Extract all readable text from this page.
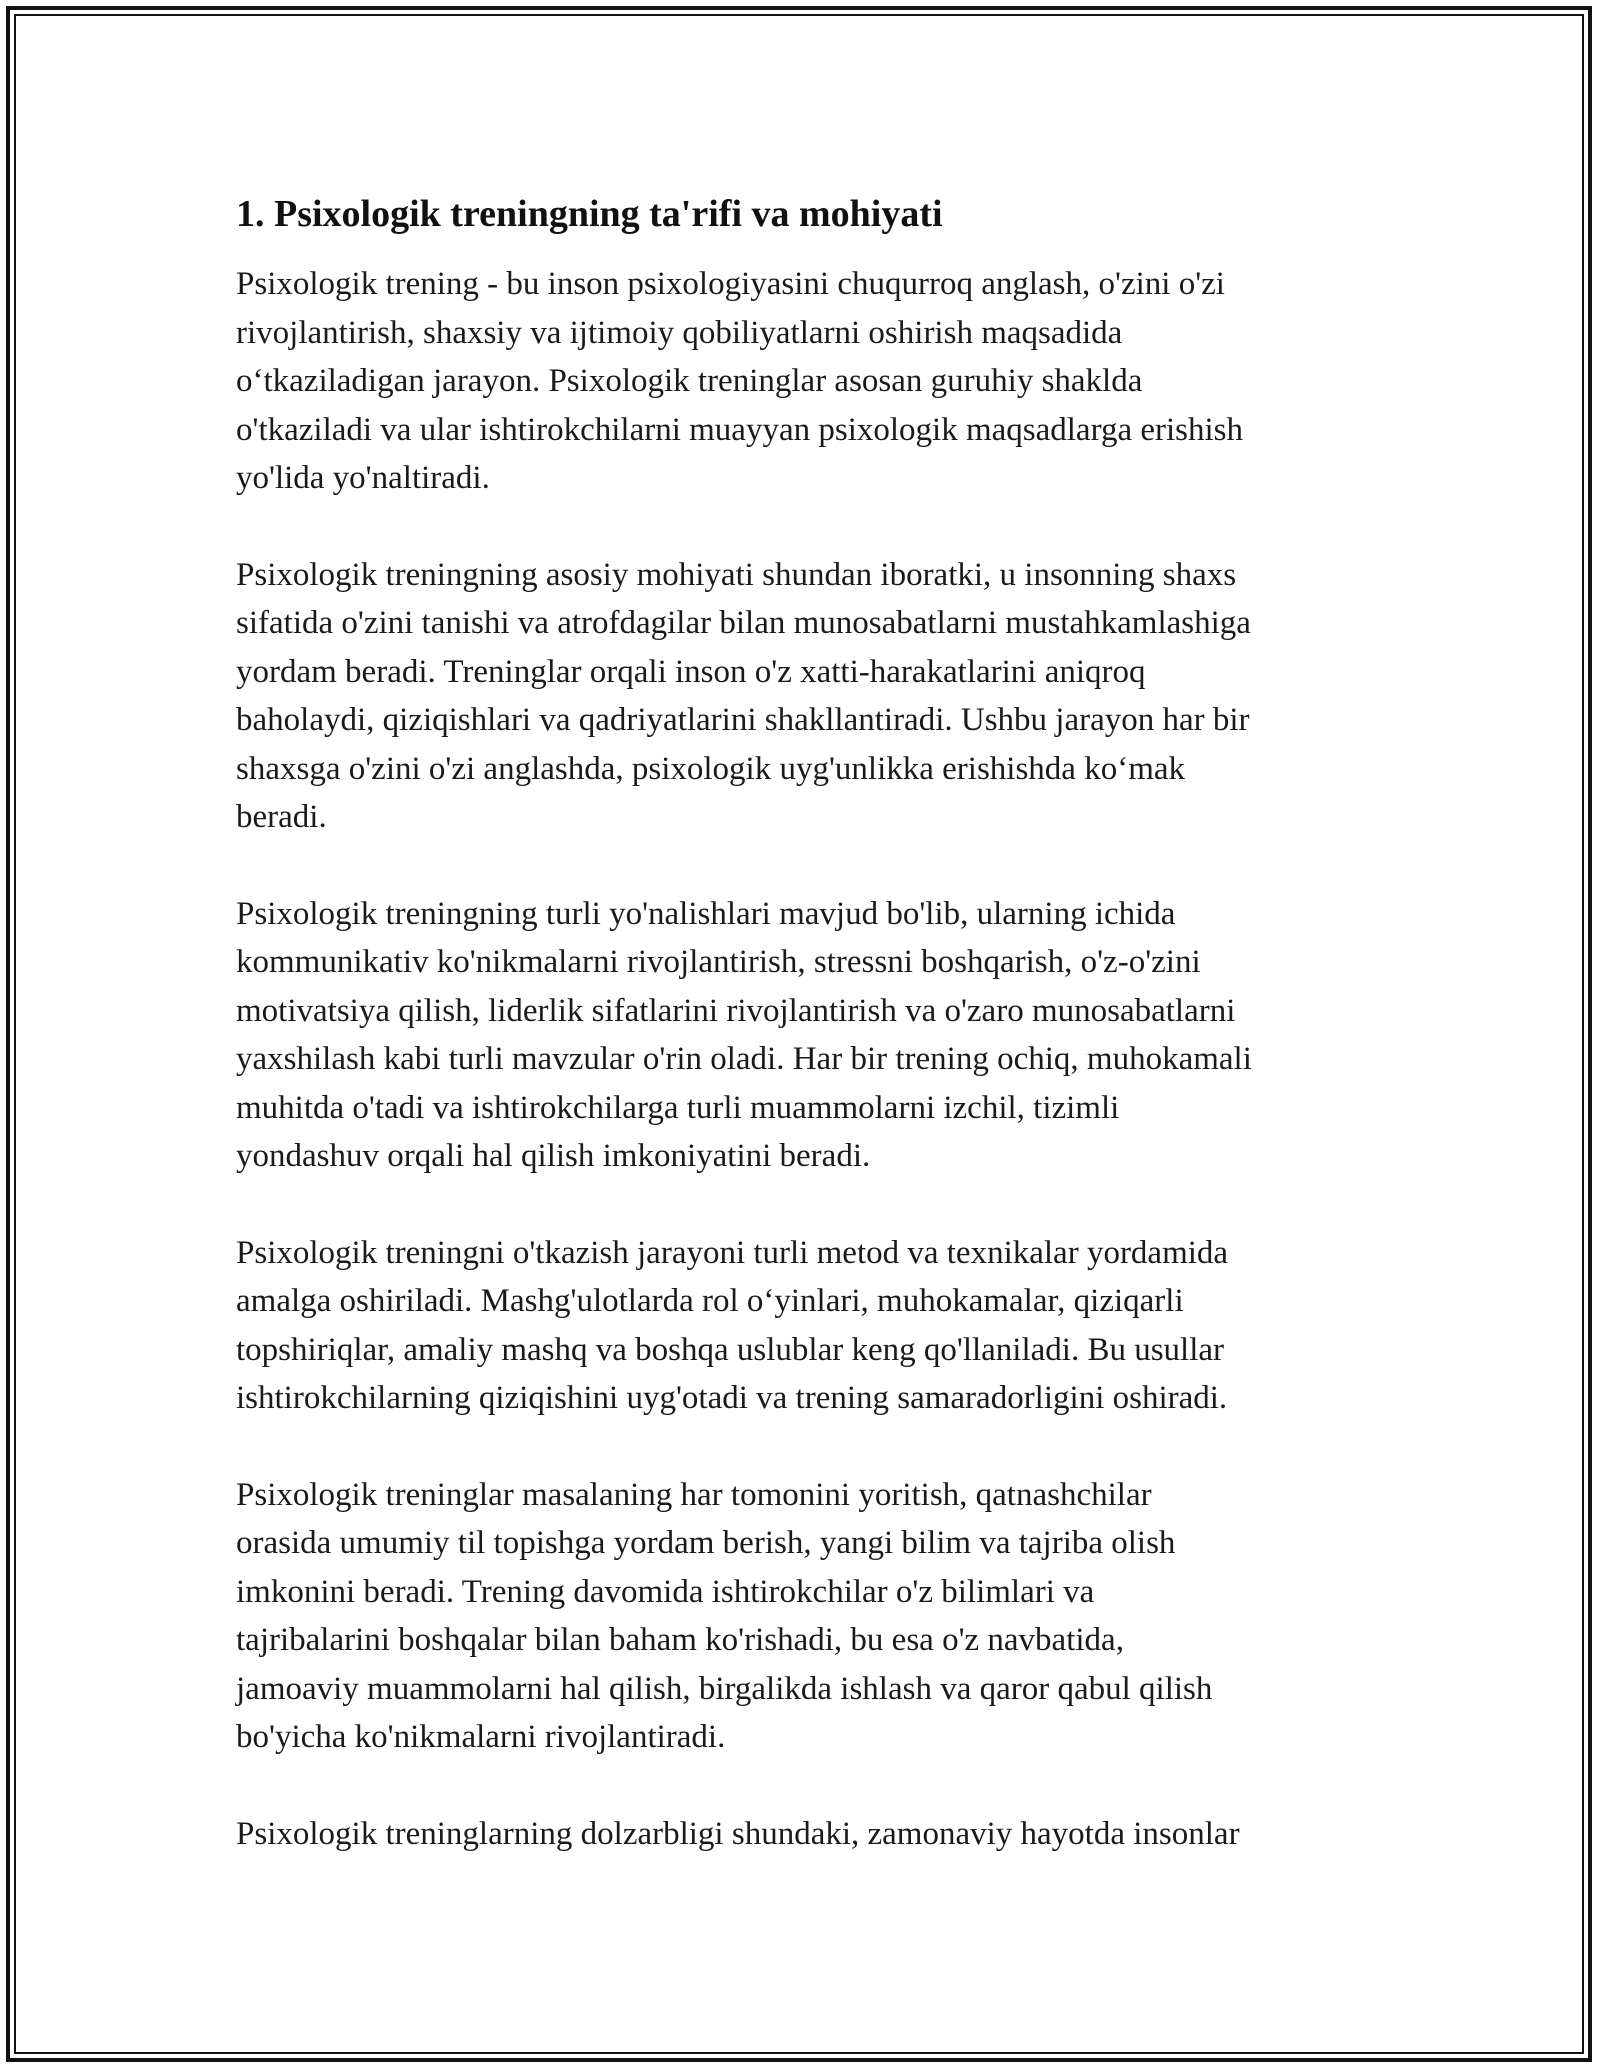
1. Psixologik treningning ta'rifi va mohiyati

Psixologik trening - bu inson psixologiyasini chuqurroq anglash, o'zini o'zi
rivojlantirish, shaxsiy va ijtimoiy qobiliyatlarni oshirish maqsadida
o‘tkaziladigan jarayon. Psixologik treninglar asosan guruhiy shaklda
o'tkaziladi va ular ishtirokchilarni muayyan psixologik maqsadlarga erishish
yo'lida yo'naltiradi.

Psixologik treningning asosiy mohiyati shundan iboratki, u insonning shaxs
sifatida o'zini tanishi va atrofdagilar bilan munosabatlarni mustahkamlashiga
yordam beradi. Treninglar orqali inson o'z xatti-harakatlarini aniqroq
baholaydi, qiziqishlari va qadriyatlarini shakllantiradi. Ushbu jarayon har bir
shaxsga o'zini o'zi anglashda, psixologik uyg'unlikka erishishda ko‘mak
beradi.

Psixologik treningning turli yo'nalishlari mavjud bo'lib, ularning ichida
kommunikativ ko'nikmalarni rivojlantirish, stressni boshqarish, o'z-o'zini
motivatsiya qilish, liderlik sifatlarini rivojlantirish va o'zaro munosabatlarni
yaxshilash kabi turli mavzular o'rin oladi. Har bir trening ochiq, muhokamali
muhitda o'tadi va ishtirokchilarga turli muammolarni izchil, tizimli
yondashuv orqali hal qilish imkoniyatini beradi.

Psixologik treningni o'tkazish jarayoni turli metod va texnikalar yordamida
amalga oshiriladi. Mashg'ulotlarda rol o‘yinlari, muhokamalar, qiziqarli
topshiriqlar, amaliy mashq va boshqa uslublar keng qo'llaniladi. Bu usullar
ishtirokchilarning qiziqishini uyg'otadi va trening samaradorligini oshiradi.

Psixologik treninglar masalaning har tomonini yoritish, qatnashchilar
orasida umumiy til topishga yordam berish, yangi bilim va tajriba olish
imkonini beradi. Trening davomida ishtirokchilar o'z bilimlari va
tajribalarini boshqalar bilan baham ko'rishadi, bu esa o'z navbatida,
jamoaviy muammolarni hal qilish, birgalikda ishlash va qaror qabul qilish
bo'yicha ko'nikmalarni rivojlantiradi.

Psixologik treninglarning dolzarbligi shundaki, zamonaviy hayotda insonlar
